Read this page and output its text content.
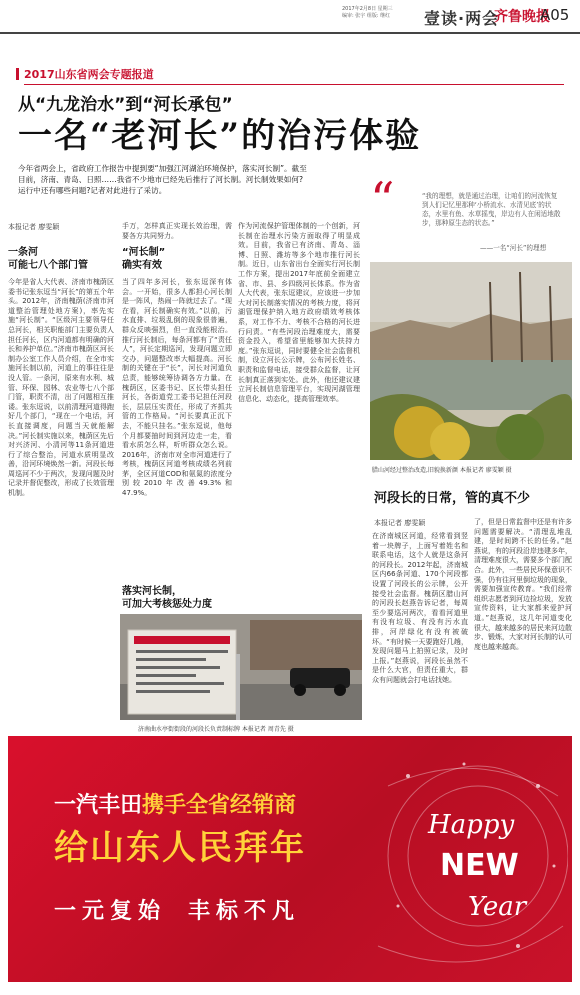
2017年2月8日 星期三
编审: 张宇 组版: 继红	壹读·两会
齐鲁晚报
A05
2017山东省两会专题报道
从“九龙治水”到“河长承包”
一名“老河长”的治污体验
今年省两会上，省政府工作报告中提到要“加强江河湖泊环境保护，落实河长制”。截至目前，济南、青岛、日照……我省不少地市已经先后推行了河长制。河长制效果如何?运行中还有哪些问题?记者对此进行了采访。
本报记者 廖雯颖
一条河
可能七八个部门管
今年是省人大代表、济南市槐荫区委书记张东逗当“河长”的第五个年头。2012年，济南槐荫(济南市河道整治管理处地方案)，率先实施“河长制”。“区级河主要领导任总河长，相关职能部门主要负责人担任河长，区内河道都有明确的河长和养护单位。”济南市槐荫区河长制办公室工作人员介绍，在全市实施河长制以前，河道上的事往往是没人管。一条河，原来有水利、城管、环保、园林、农业等七八个部门管，职责不清，出了问题相互推诿。张东逗说，以前清理河道得跑好几个部门，“现在一个电话，河长直接调度，问题当天就能解决。”河长制实施以来，槐荫区先后对兴济河、小清河等11条河道进行了综合整治，河道水质明显改善，沿河环境焕然一新。河段长每周巡河不少于两次，发现问题及时记录并督促整改，形成了长效管理机制。
手万，怎样真正实现长效治理，需要各方共同努力。
“河长制”
确实有效
当了四年多河长，张东逗深有体会。一开始，很多人都担心河长制是一阵风，热闹一阵就过去了。“现在看，河长制确实有效。”以前，污水直排、垃圾乱倒的现象很普遍，群众反映强烈，但一直没能根治。推行河长制后，每条河都有了“责任人”，河长定期巡河，发现问题立即交办，问题整改率大幅提高。河长制的关键在于“长”，河长对河道负总责，能够统筹协调各方力量。在槐荫区，区委书记、区长带头担任河长，各街道党工委书记担任河段长，层层压实责任，形成了齐抓共管的工作格局。“河长要真正沉下去，不能只挂名。”张东逗说，他每个月都要抽时间到河边走一走，看看水质怎么样，听听群众怎么说。2016年，济南市对全市河道进行了考核，槐荫区河道考核成绩名列前茅，全区河道COD和氨氮的浓度分别较2010年改善49.3%和47.9%。
落实河长制，
可加大考核惩处力度
作为河流保护管理体制的一个创新，河长制在治理水污染方面取得了明显成效。目前，我省已有济南、青岛、淄博、日照、潍坊等多个地市推行河长制。近日，山东省出台全面实行河长制工作方案，提出2017年底前全面建立省、市、县、乡四级河长体系。作为省人大代表，张东逗建议，应该进一步加大对河长制落实情况的考核力度，将河湖管理保护纳入地方政府绩效考核体系，对工作不力、考核不合格的河长进行问责。“有些河段治理难度大，需要资金投入，希望省里能够加大扶持力度。”张东逗说，同时要健全社会监督机制，设立河长公示牌，公布河长姓名、职责和监督电话，接受群众监督，让河长制真正落到实处。此外，他还建议建立河长制信息管理平台，实现河湖管理信息化、动态化，提高管理效率。
济南曲水亭街街段的河段长负责制标牌 本报记者 周青先 摄
“	“我的理想，就是通过治理，让咱们的河流恢复到人们记忆里那种‘小桥流水、水清见底’的状态，水里有鱼、水草摇曳，岸边有人在闲适地散步，那种原生态的状态。”
——一名“河长”的理想
腊山河经过整治改造,旧貌换新颜 本报记者 廖雯颖 摄
河段长的日常，管的真不少
本报记者 廖雯颖
在济南城区河道，经常看到竖着一块牌子，上面写着姓名和联系电话，这个人就是这条河的河段长。2012年起，济南城区内66条河道、170个河段都设置了河段长的公示牌，公开接受社会监督。槐荫区腊山河的河段长赵燕告诉记者，每周至少要巡河两次，看看河道里有没有垃圾、有没有污水直排，河岸绿化有没有被破坏。“有时候一天要跑好几趟，发现问题马上拍照记录，及时上报。”赵燕说，河段长虽然不是什么大官，但责任重大，群众有问题就会打电话找她。
了，但是日常监督中还是有许多问题需要解决。“清理乱堆乱建，是时间跨不长的任务。”赵燕说，有的河段沿岸违建多年，清理难度很大，需要多个部门配合。此外，一些居民环保意识不强，仍有往河里倒垃圾的现象，需要加强宣传教育。“我们经常组织志愿者到河边捡垃圾，发放宣传资料，让大家都来爱护河道。”赵燕说，这几年河道变化很大，越来越多的居民来河边散步、锻炼，大家对河长制的认可度也越来越高。
一汽丰田携手全省经销商
给山东人民拜年
一元复始 丰标不凡
Happy
NEW
Year
